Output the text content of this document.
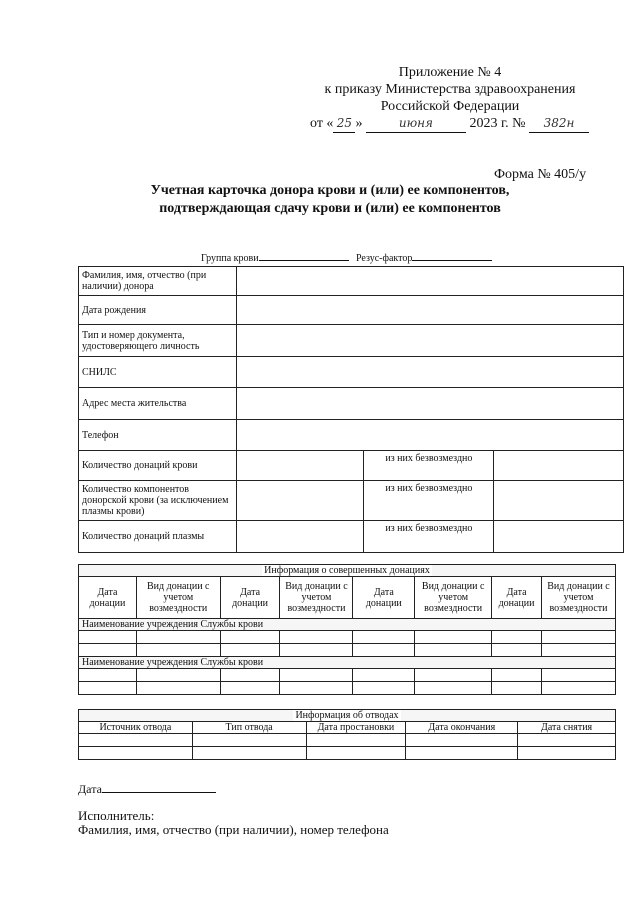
Приложение № 4
к приказу Министерства здравоохранения
Российской Федерации
от « 25 »	июня	2023 г. № 382н
Форма № 405/у
Учетная карточка донора крови и (или) ее компонентов,
подтверждающая сдачу крови и (или) ее компонентов
Группа крови	Резус-фактор
Фамилия, имя, отчество (при наличии) донора			
Дата рождения			
Тип и номер документа, удостоверяющего личность			
СНИЛС			
Адрес места жительства			
Телефон			
Количество донаций крови		из них безвозмездно	
Количество компонентов донорской крови (за исключением плазмы крови)		из них безвозмездно	
Количество донаций плазмы		из них безвозмездно	
Информация о совершенных донациях							
Дата донации	Вид донации с учетом возмездности	Дата донации	Вид донации с учетом возмездности	Дата донации	Вид донации с учетом возмездности	Дата донации	Вид донации с учетом возмездности
Наименование учреждения Службы крови							

Наименование учреждения Службы крови							

Информация об отводах				
Источник отвода	Тип отвода	Дата простановки	Дата окончания	Дата снятия

Дата
Исполнитель:
Фамилия, имя, отчество (при наличии), номер телефона
